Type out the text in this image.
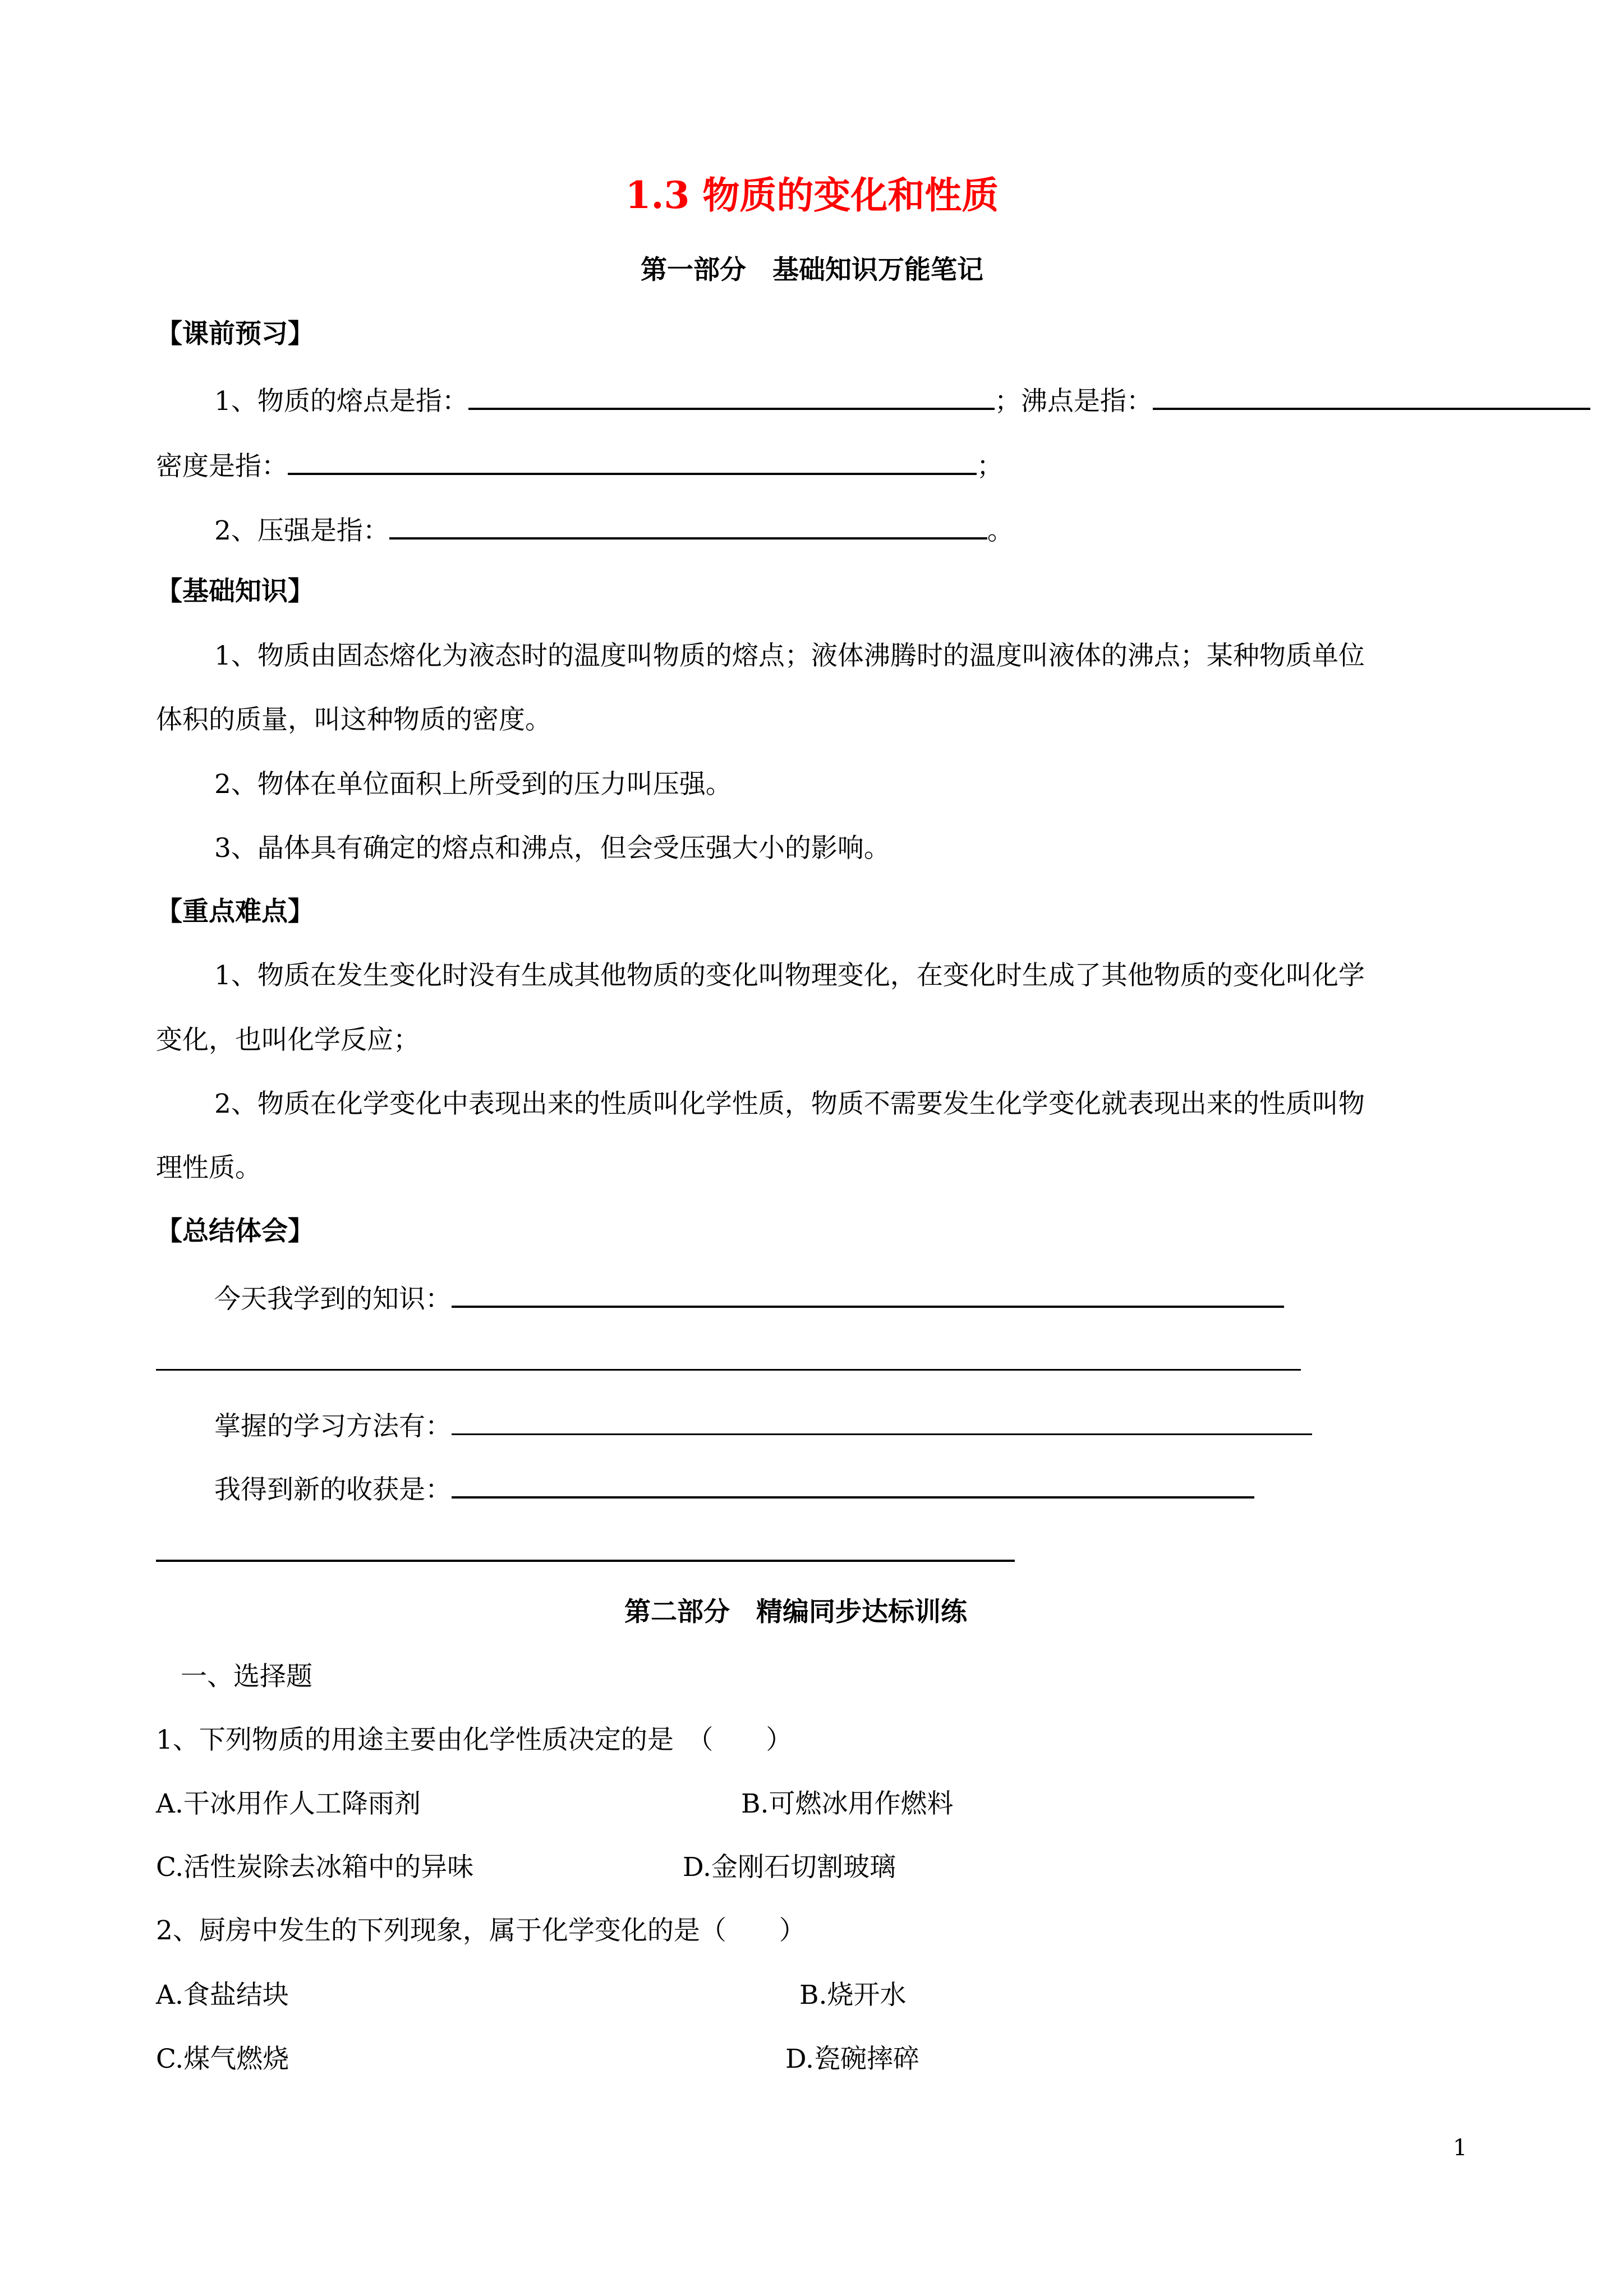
1.3 物质的变化和性质
第一部分　基础知识万能笔记
【课前预习】
1、物质的熔点是指：	；沸点是指：
密度是指：	；
2、压强是指：	。
【基础知识】
1、物质由固态熔化为液态时的温度叫物质的熔点；液体沸腾时的温度叫液体的沸点；某种物质单位
体积的质量，叫这种物质的密度。
2、物体在单位面积上所受到的压力叫压强。
3、晶体具有确定的熔点和沸点，但会受压强大小的影响。
【重点难点】
1、物质在发生变化时没有生成其他物质的变化叫物理变化，在变化时生成了其他物质的变化叫化学
变化，也叫化学反应；
2、物质在化学变化中表现出来的性质叫化学性质，物质不需要发生化学变化就表现出来的性质叫物
理性质。
【总结体会】
今天我学到的知识：
掌握的学习方法有：
我得到新的收获是：
第二部分　精编同步达标训练
一、选择题
1、下列物质的用途主要由化学性质决定的是　（　　）
A.干冰用作人工降雨剂	B.可燃冰用作燃料
C.活性炭除去冰箱中的异味	D.金刚石切割玻璃
2、厨房中发生的下列现象，属于化学变化的是（　　）
A.食盐结块	B.烧开水
C.煤气燃烧	D.瓷碗摔碎
1
